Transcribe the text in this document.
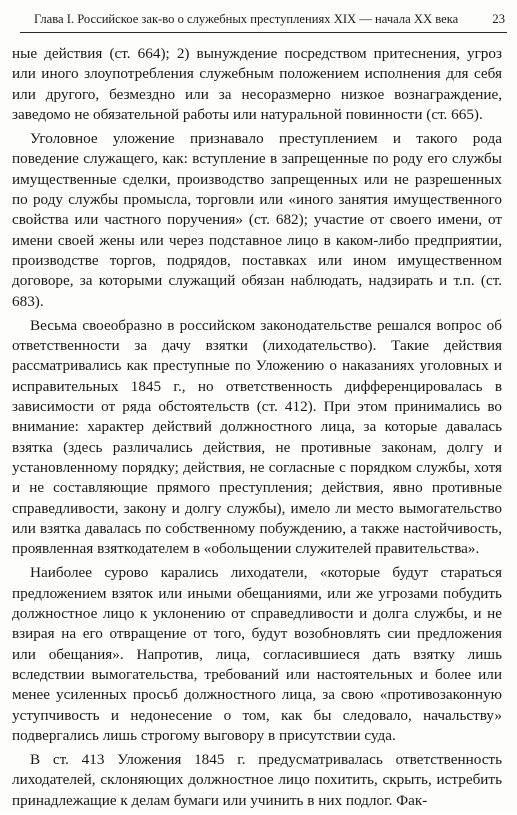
Глава I. Российское зак-во о служебных преступлениях XIX — начала XX века	23

ные действия (ст. 664); 2) вынуждение посредством притеснения, угроз или иного злоупотребления служебным положением исполнения для себя или другого, безмездно или за несоразмерно низкое вознаграждение, заведомо не обязательной работы или натуральной повинности (ст. 665).

Уголовное уложение признавало преступлением и такого рода поведение служащего, как: вступление в запрещенные по роду его службы имущественные сделки, производство запрещенных или не разрешенных по роду службы промысла, торговли или «иного занятия имущественного свойства или частного поручения» (ст. 682); участие от своего имени, от имени своей жены или через подставное лицо в каком-либо предприятии, производстве торгов, подрядов, поставках или ином имущественном договоре, за которыми служащий обязан наблюдать, надзирать и т.п. (ст. 683).

Весьма своеобразно в российском законодательстве решался вопрос об ответственности за дачу взятки (лиходательство). Такие действия рассматривались как преступные по Уложению о наказаниях уголовных и исправительных 1845 г., но ответственность дифференцировалась в зависимости от ряда обстоятельств (ст. 412). При этом принимались во внимание: характер действий должностного лица, за которые давалась взятка (здесь различались действия, не противные законам, долгу и установленному порядку; действия, не согласные с порядком службы, хотя и не составляющие прямого преступления; действия, явно противные справедливости, закону и долгу службы), имело ли место вымогательство или взятка давалась по собственному побуждению, а также настойчивость, проявленная взяткодателем в «обольщении служителей правительства».

Наиболее сурово карались лиходатели, «которые будут стараться предложением взяток или иными обещаниями, или же угрозами побудить должностное лицо к уклонению от справедливости и долга службы, и не взирая на его отвращение от того, будут возобновлять сии предложения или обещания». Напротив, лица, согласившиеся дать взятку лишь вследствии вымогательства, требований или настоятельных и более или менее усиленных просьб должностного лица, за свою «противозаконную уступчивость и недонесение о том, как бы следовало, начальству» подвергались лишь строгому выговору в присутствии суда.

В ст. 413 Уложения 1845 г. предусматривалась ответственность лиходателей, склоняющих должностное лицо похитить, скрыть, истребить принадлежащие к делам бумаги или учинить в них подлог. Фак-
